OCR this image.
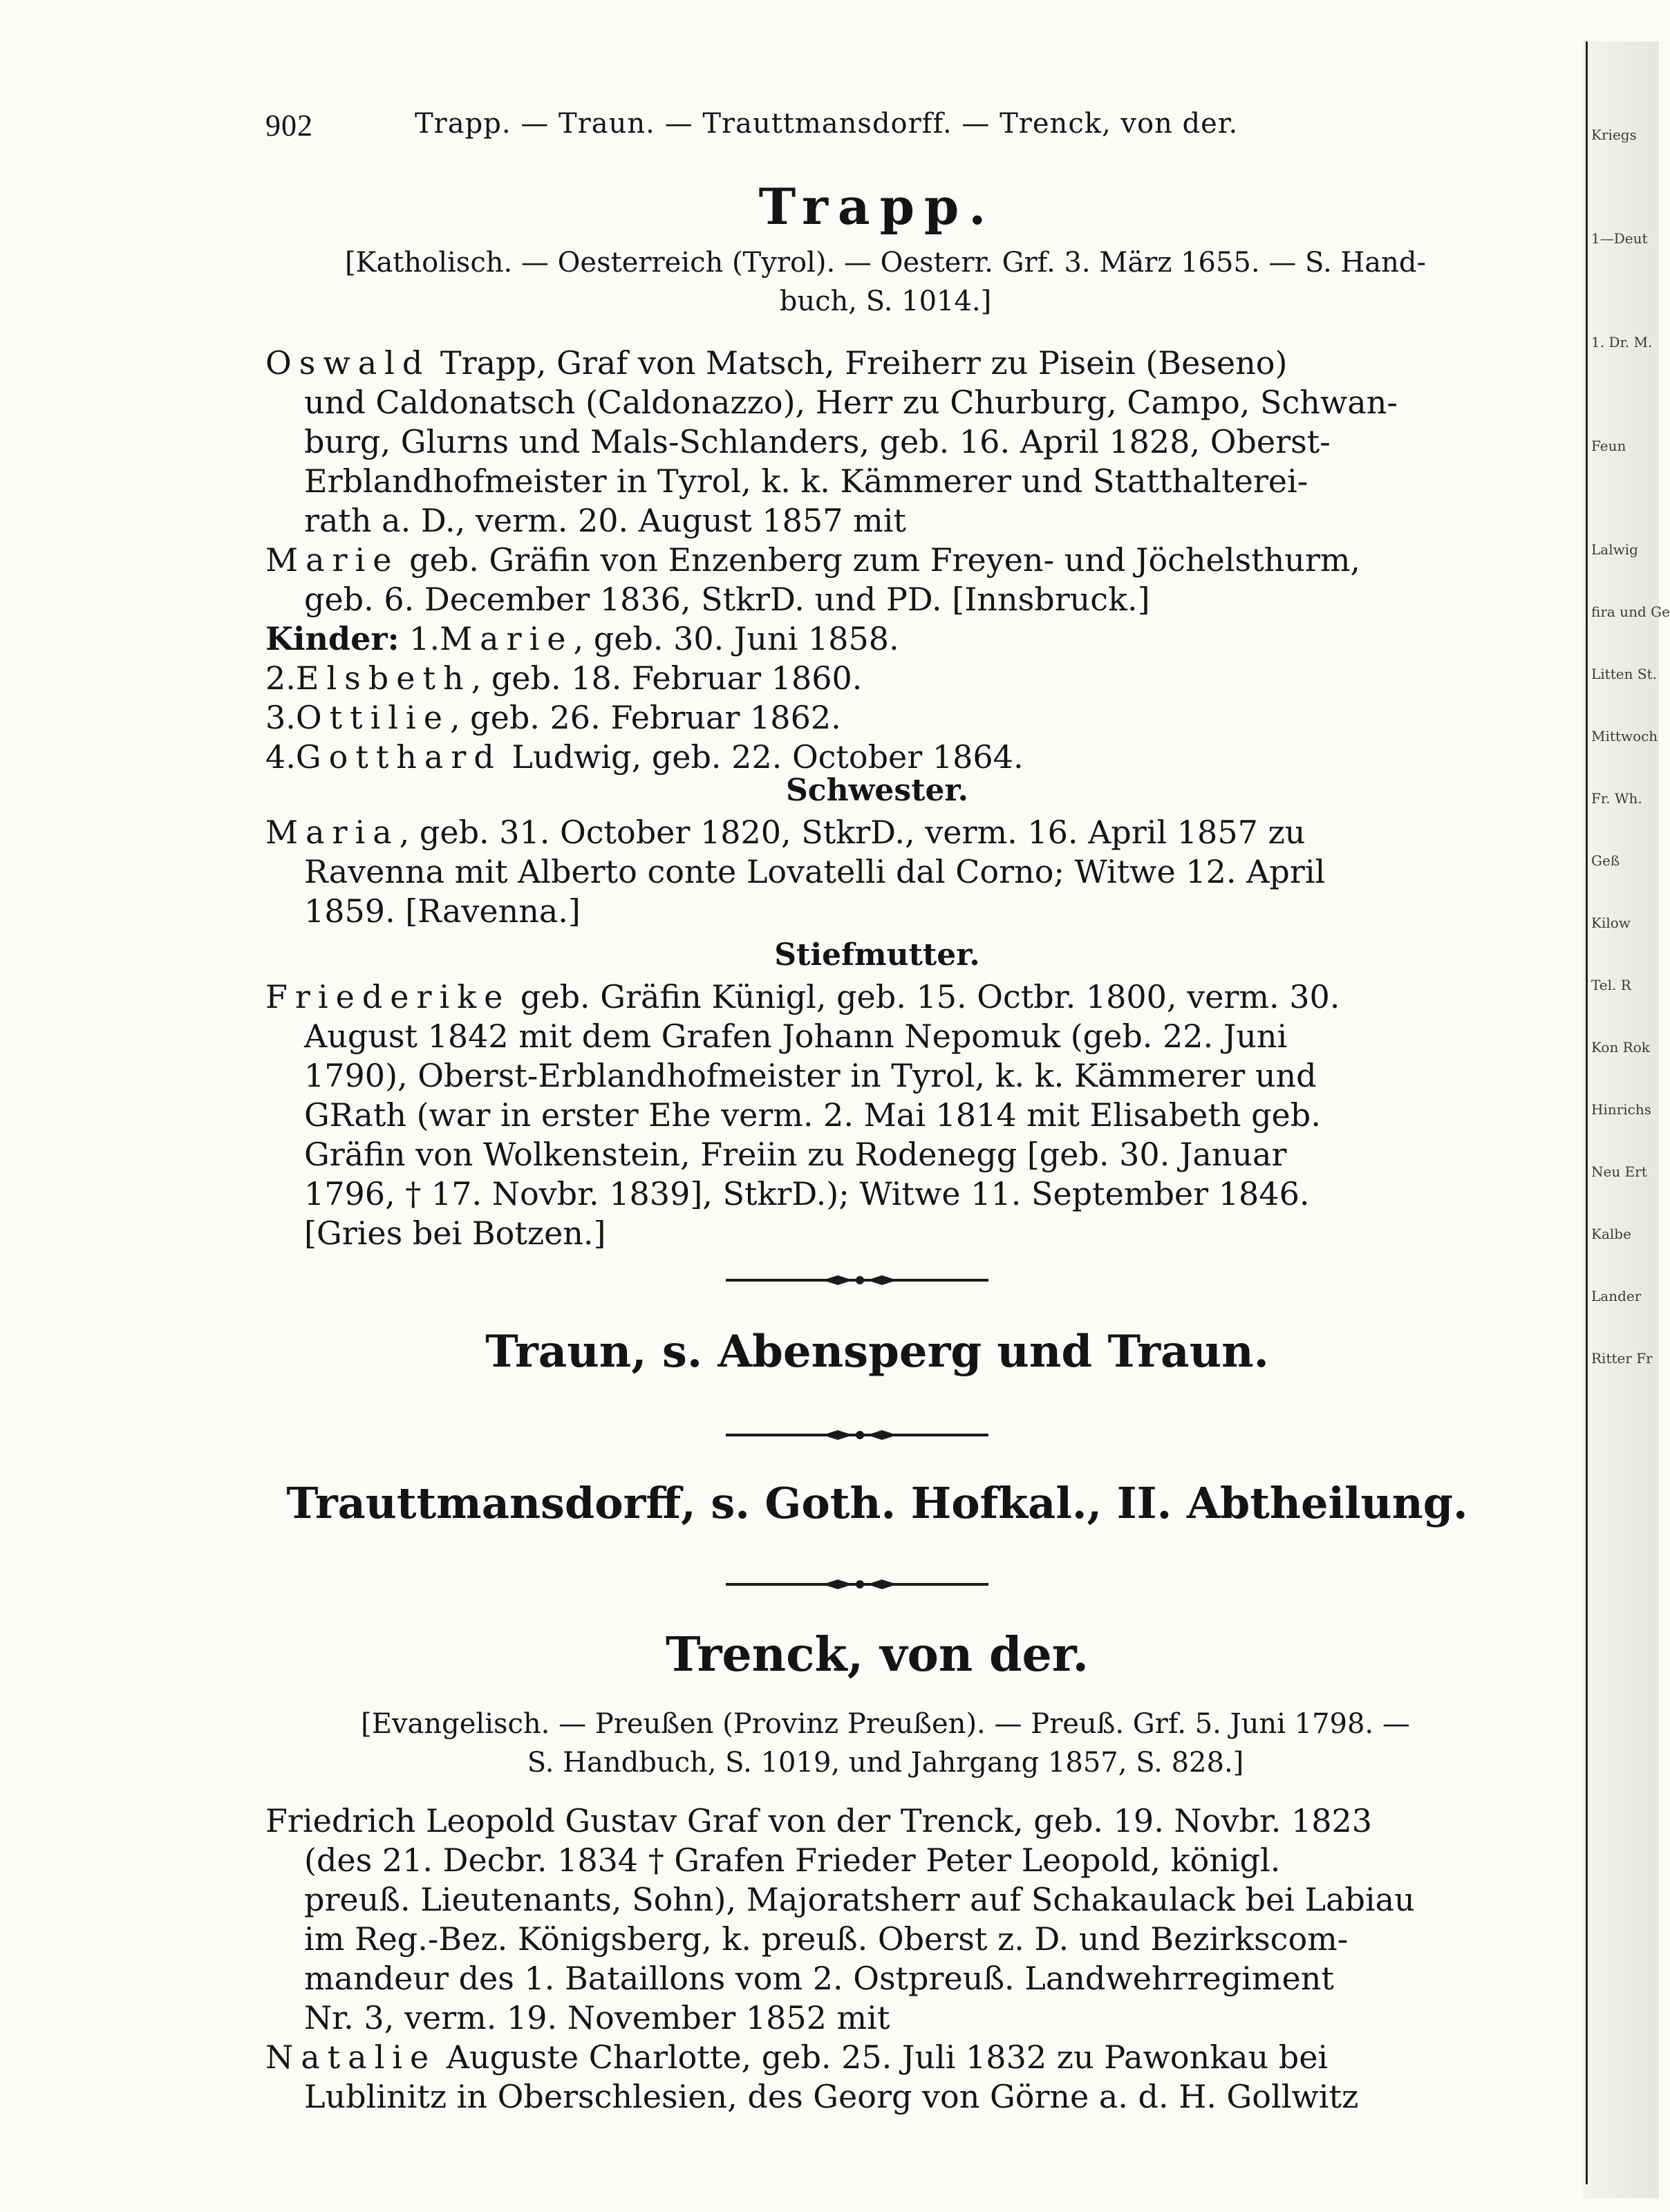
Kriegs
1—Deut
1. Dr. M.
Feun
Lalwig
fira und Ge
Litten St.
Mittwoch
Fr. Wh.
Geß
Kilow
Tel. R
Kon Rok
Hinrichs
Neu Ert
Kalbe
Lander
Ritter Fr
902	Trapp. — Traun. — Trauttmansdorff. — Trenck, von der.
Trapp.
[Katholisch. — Oesterreich (Tyrol). — Oesterr. Grf. 3. März 1655. — S. Hand-
buch, S. 1014.]
Oswald Trapp, Graf von Matsch, Freiherr zu Pisein (Beseno)
und Caldonatsch (Caldonazzo), Herr zu Churburg, Campo, Schwan-
burg, Glurns und Mals-Schlanders, geb. 16. April 1828, Oberst-
Erblandhofmeister in Tyrol, k. k. Kämmerer und Statthalterei-
rath a. D., verm. 20. August 1857 mit
Marie geb. Gräfin von Enzenberg zum Freyen- und Jöchelsthurm,
geb. 6. December 1836, StkrD. und PD. [Innsbruck.]
Kinder: 1.Marie, geb. 30. Juni 1858.
2.Elsbeth, geb. 18. Februar 1860.
3.Ottilie, geb. 26. Februar 1862.
4.Gotthard Ludwig, geb. 22. October 1864.
Schwester.
Maria, geb. 31. October 1820, StkrD., verm. 16. April 1857 zu
Ravenna mit Alberto conte Lovatelli dal Corno; Witwe 12. April
1859. [Ravenna.]
Stiefmutter.
Friederike geb. Gräfin Künigl, geb. 15. Octbr. 1800, verm. 30.
August 1842 mit dem Grafen Johann Nepomuk (geb. 22. Juni
1790), Oberst-Erblandhofmeister in Tyrol, k. k. Kämmerer und
GRath (war in erster Ehe verm. 2. Mai 1814 mit Elisabeth geb.
Gräfin von Wolkenstein, Freiin zu Rodenegg [geb. 30. Januar
1796, † 17. Novbr. 1839], StkrD.); Witwe 11. September 1846.
[Gries bei Botzen.]
Traun, s. Abensperg und Traun.
Trauttmansdorff, s. Goth. Hofkal., II. Abtheilung.
Trenck, von der.
[Evangelisch. — Preußen (Provinz Preußen). — Preuß. Grf. 5. Juni 1798. —
S. Handbuch, S. 1019, und Jahrgang 1857, S. 828.]
Friedrich Leopold Gustav Graf von der Trenck, geb. 19. Novbr. 1823
(des 21. Decbr. 1834 † Grafen Frieder Peter Leopold, königl.
preuß. Lieutenants, Sohn), Majoratsherr auf Schakaulack bei Labiau
im Reg.-Bez. Königsberg, k. preuß. Oberst z. D. und Bezirkscom-
mandeur des 1. Bataillons vom 2. Ostpreuß. Landwehrregiment
Nr. 3, verm. 19. November 1852 mit
Natalie Auguste Charlotte, geb. 25. Juli 1832 zu Pawonkau bei
Lublinitz in Oberschlesien, des Georg von Görne a. d. H. Gollwitz
